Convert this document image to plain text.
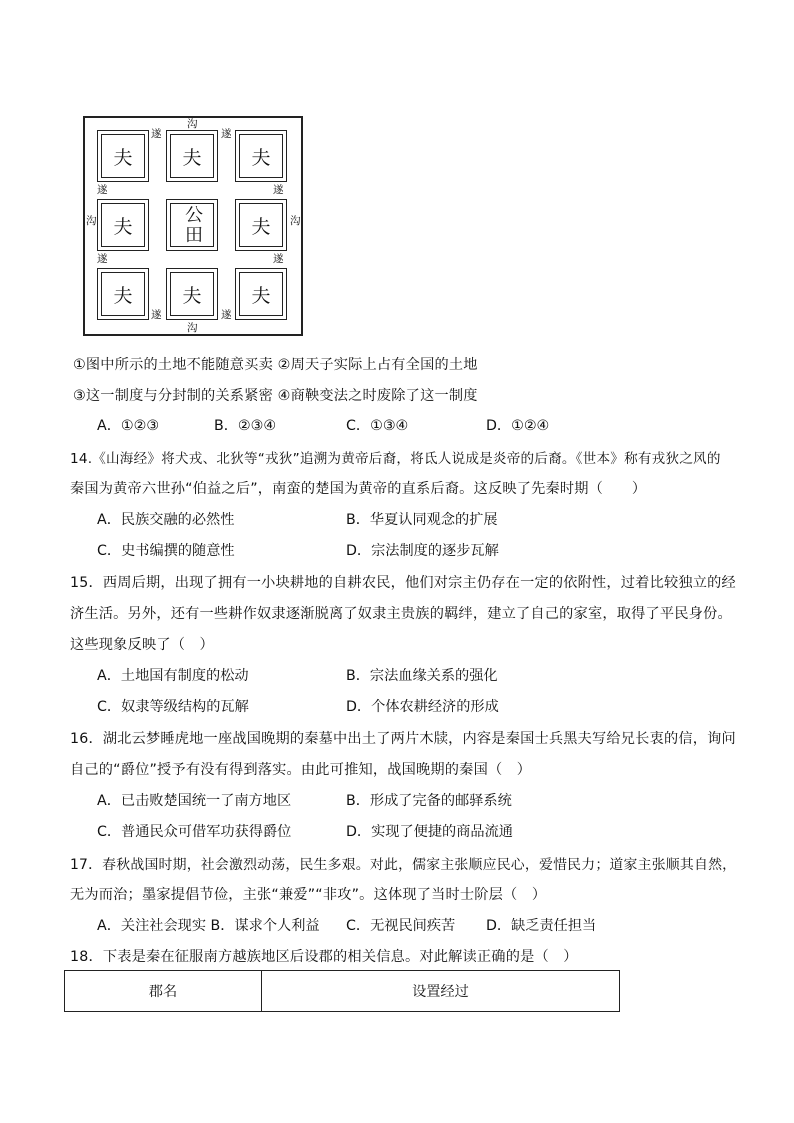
夫	夫	夫
夫	公田	夫
夫	夫	夫
沟
沟
沟	沟
遂	遂
遂	遂
遂	遂
遂	遂
①图中所示的土地不能随意买卖 ②周天子实际上占有全国的土地
③这一制度与分封制的关系紧密 ④商鞅变法之时废除了这一制度
A．①②③	B．②③④	C．①③④	D．①②④
14.《山海经》将犬戎、北狄等“戎狄”追溯为黄帝后裔，将氐人说成是炎帝的后裔。《世本》称有戎狄之风的
秦国为黄帝六世孙“伯益之后”，南蛮的楚国为黄帝的直系后裔。这反映了先秦时期（　　）
A．民族交融的必然性	B．华夏认同观念的扩展
C．史书编撰的随意性	D．宗法制度的逐步瓦解
15．西周后期，出现了拥有一小块耕地的自耕农民，他们对宗主仍存在一定的依附性，过着比较独立的经
济生活。另外，还有一些耕作奴隶逐渐脱离了奴隶主贵族的羁绊，建立了自己的家室，取得了平民身份。
这些现象反映了（　）
A．土地国有制度的松动	B．宗法血缘关系的强化
C．奴隶等级结构的瓦解	D．个体农耕经济的形成
16．湖北云梦睡虎地一座战国晚期的秦墓中出土了两片木牍，内容是秦国士兵黑夫写给兄长衷的信，询问
自己的“爵位”授予有没有得到落实。由此可推知，战国晚期的秦国（　）
A．已击败楚国统一了南方地区	B．形成了完备的邮驿系统
C．普通民众可借军功获得爵位	D．实现了便捷的商品流通
17．春秋战国时期，社会激烈动荡，民生多艰。对此，儒家主张顺应民心，爱惜民力；道家主张顺其自然，
无为而治；墨家提倡节俭，主张“兼爱”“非攻”。这体现了当时士阶层（　）
A．关注社会现实 B．谋求个人利益 C．无视民间疾苦 D．缺乏责任担当
18．下表是秦在征服南方越族地区后设郡的相关信息。对此解读正确的是（　）
郡名	设置经过
